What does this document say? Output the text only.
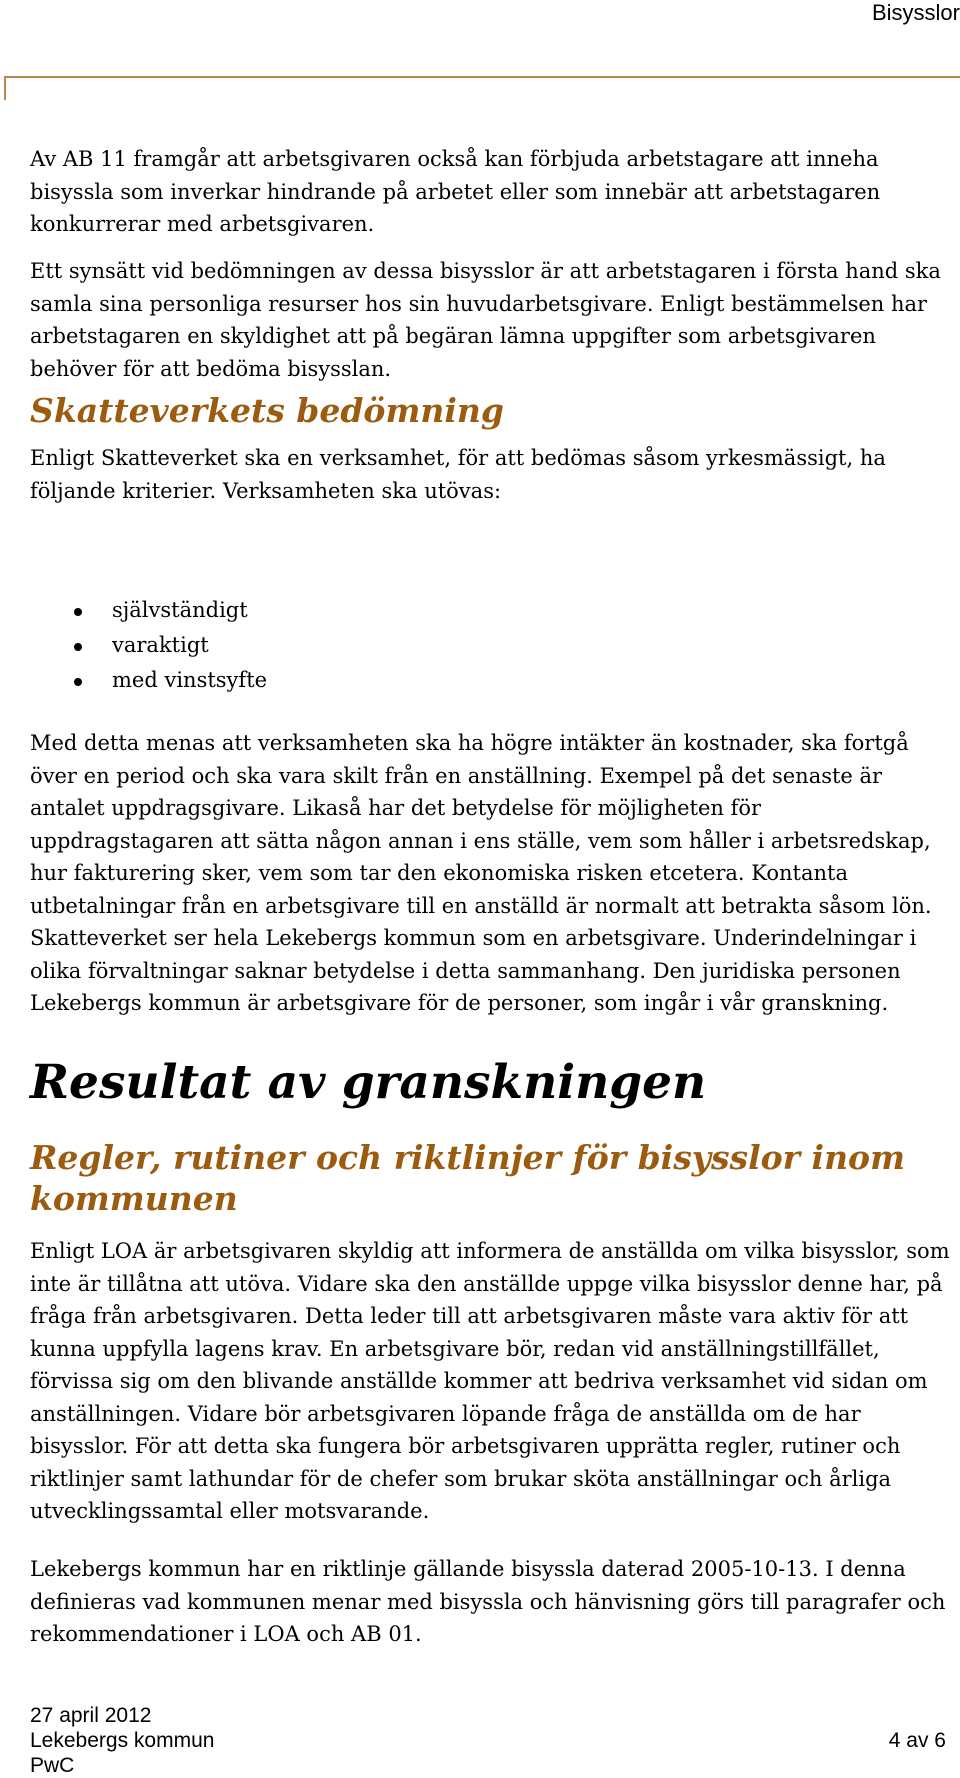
Bisysslor

Av AB 11 framgår att arbetsgivaren också kan förbjuda arbetstagare att inneha bisyssla som inverkar hindrande på arbetet eller som innebär att arbetstagaren konkurrerar med arbetsgivaren.

Ett synsätt vid bedömningen av dessa bisysslor är att arbetstagaren i första hand ska samla sina personliga resurser hos sin huvudarbetsgivare. Enligt bestämmelsen har arbetstagaren en skyldighet att på begäran lämna uppgifter som arbetsgivaren behöver för att bedöma bisysslan.

Skatteverkets bedömning

Enligt Skatteverket ska en verksamhet, för att bedömas såsom yrkesmässigt, ha följande kriterier. Verksamheten ska utövas:

självständigt
varaktigt
med vinstsyfte

Med detta menas att verksamheten ska ha högre intäkter än kostnader, ska fortgå över en period och ska vara skilt från en anställning. Exempel på det senaste är antalet uppdragsgivare. Likaså har det betydelse för möjligheten för uppdragstagaren att sätta någon annan i ens ställe, vem som håller i arbetsredskap, hur fakturering sker, vem som tar den ekonomiska risken etcetera. Kontanta utbetalningar från en arbetsgivare till en anställd är normalt att betrakta såsom lön. Skatteverket ser hela Lekebergs kommun som en arbetsgivare. Underindelningar i olika förvaltningar saknar betydelse i detta sammanhang. Den juridiska personen Lekebergs kommun är arbetsgivare för de personer, som ingår i vår granskning.

Resultat av granskningen
Regler, rutiner och riktlinjer för bisysslor inom kommunen

Enligt LOA är arbetsgivaren skyldig att informera de anställda om vilka bisysslor, som inte är tillåtna att utöva. Vidare ska den anställde uppge vilka bisysslor denne har, på fråga från arbetsgivaren. Detta leder till att arbetsgivaren måste vara aktiv för att kunna uppfylla lagens krav. En arbetsgivare bör, redan vid anställningstillfället, förvissa sig om den blivande anställde kommer att bedriva verksamhet vid sidan om anställningen. Vidare bör arbetsgivaren löpande fråga de anställda om de har bisysslor. För att detta ska fungera bör arbetsgivaren upprätta regler, rutiner och riktlinjer samt lathundar för de chefer som brukar sköta anställningar och årliga utvecklingssamtal eller motsvarande.

Lekebergs kommun har en riktlinje gällande bisyssla daterad 2005-10-13. I denna definieras vad kommunen menar med bisyssla och hänvisning görs till paragrafer och rekommendationer i LOA och AB 01.

27 april 2012
Lekebergs kommun
PwC
4 av 6
